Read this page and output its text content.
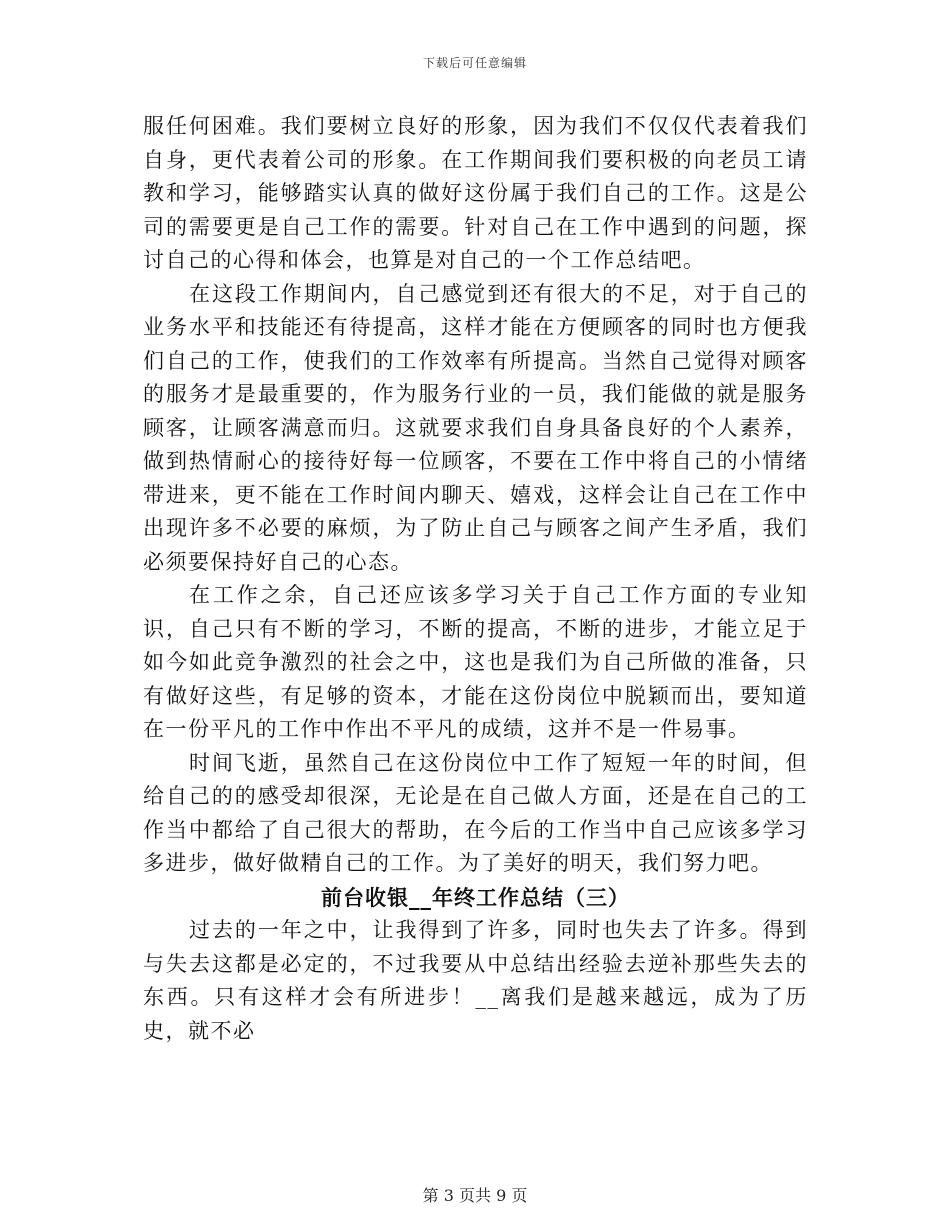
下载后可任意编辑

服任何困难。我们要树立良好的形象，因为我们不仅仅代表着我们自身，更代表着公司的形象。在工作期间我们要积极的向老员工请教和学习，能够踏实认真的做好这份属于我们自己的工作。这是公司的需要更是自己工作的需要。针对自己在工作中遇到的问题，探讨自己的心得和体会，也算是对自己的一个工作总结吧。

在这段工作期间内，自己感觉到还有很大的不足，对于自己的业务水平和技能还有待提高，这样才能在方便顾客的同时也方便我们自己的工作，使我们的工作效率有所提高。当然自己觉得对顾客的服务才是最重要的，作为服务行业的一员，我们能做的就是服务顾客，让顾客满意而归。这就要求我们自身具备良好的个人素养，做到热情耐心的接待好每一位顾客，不要在工作中将自己的小情绪带进来，更不能在工作时间内聊天、嬉戏，这样会让自己在工作中出现许多不必要的麻烦，为了防止自己与顾客之间产生矛盾，我们必须要保持好自己的心态。

在工作之余，自己还应该多学习关于自己工作方面的专业知识，自己只有不断的学习，不断的提高，不断的进步，才能立足于如今如此竞争激烈的社会之中，这也是我们为自己所做的准备，只有做好这些，有足够的资本，才能在这份岗位中脱颖而出，要知道在一份平凡的工作中作出不平凡的成绩，这并不是一件易事。

时间飞逝，虽然自己在这份岗位中工作了短短一年的时间，但给自己的的感受却很深，无论是在自己做人方面，还是在自己的工作当中都给了自己很大的帮助，在今后的工作当中自己应该多学习多进步，做好做精自己的工作。为了美好的明天，我们努力吧。

前台收银__年终工作总结（三）

过去的一年之中，让我得到了许多，同时也失去了许多。得到与失去这都是必定的，不过我要从中总结出经验去逆补那些失去的东西。只有这样才会有所进步！__离我们是越来越远，成为了历史，就不必

第 3 页共 9 页
